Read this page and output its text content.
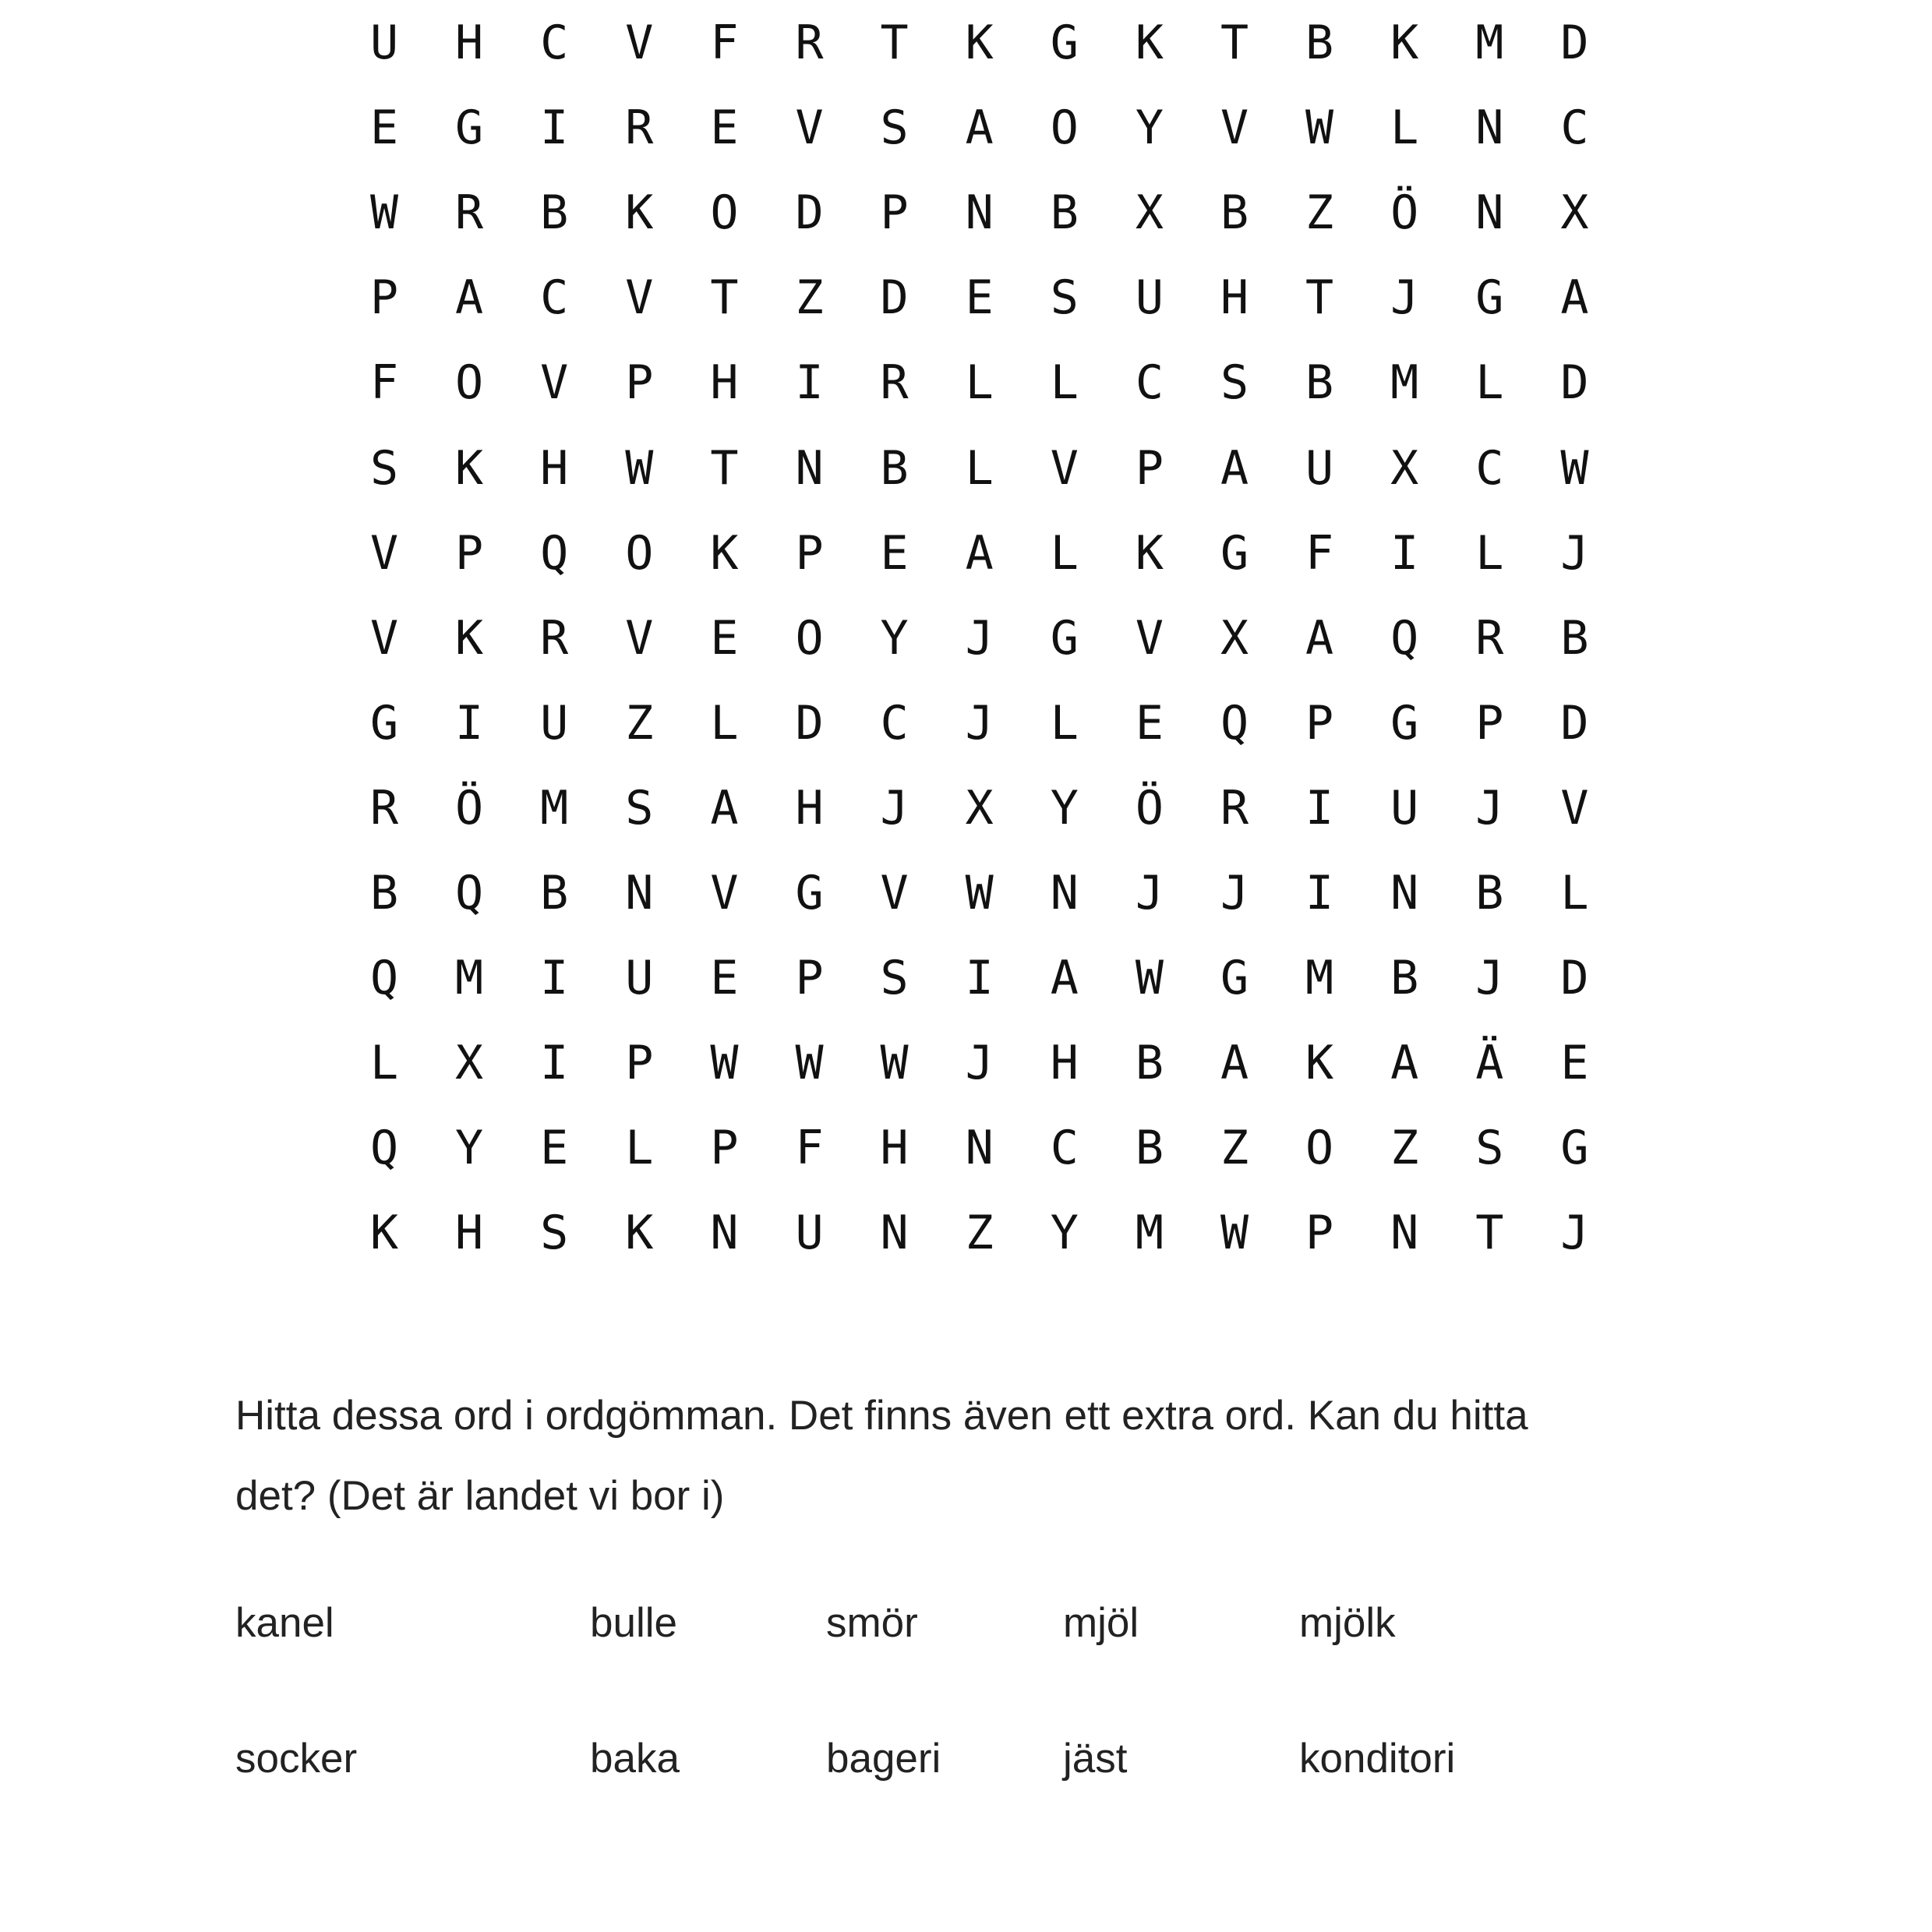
U	H	C	V	F	R	T	K	G	K	T	B	K	M	D
E	G	I	R	E	V	S	A	O	Y	V	W	L	N	C
W	R	B	K	O	D	P	N	B	X	B	Z	Ö	N	X
P	A	C	V	T	Z	D	E	S	U	H	T	J	G	A
F	O	V	P	H	I	R	L	L	C	S	B	M	L	D
S	K	H	W	T	N	B	L	V	P	A	U	X	C	W
V	P	Q	O	K	P	E	A	L	K	G	F	I	L	J
V	K	R	V	E	O	Y	J	G	V	X	A	Q	R	B
G	I	U	Z	L	D	C	J	L	E	Q	P	G	P	D
R	Ö	M	S	A	H	J	X	Y	Ö	R	I	U	J	V
B	Q	B	N	V	G	V	W	N	J	J	I	N	B	L
Q	M	I	U	E	P	S	I	A	W	G	M	B	J	D
L	X	I	P	W	W	W	J	H	B	A	K	A	Ä	E
Q	Y	E	L	P	F	H	N	C	B	Z	O	Z	S	G
K	H	S	K	N	U	N	Z	Y	M	W	P	N	T	J

Hitta dessa ord i ordgömman. Det finns även ett extra ord. Kan du hitta
det? (Det är landet vi bor i)

kanel	bulle	smör	mjöl	mjölk
socker	baka	bageri	jäst	konditori
